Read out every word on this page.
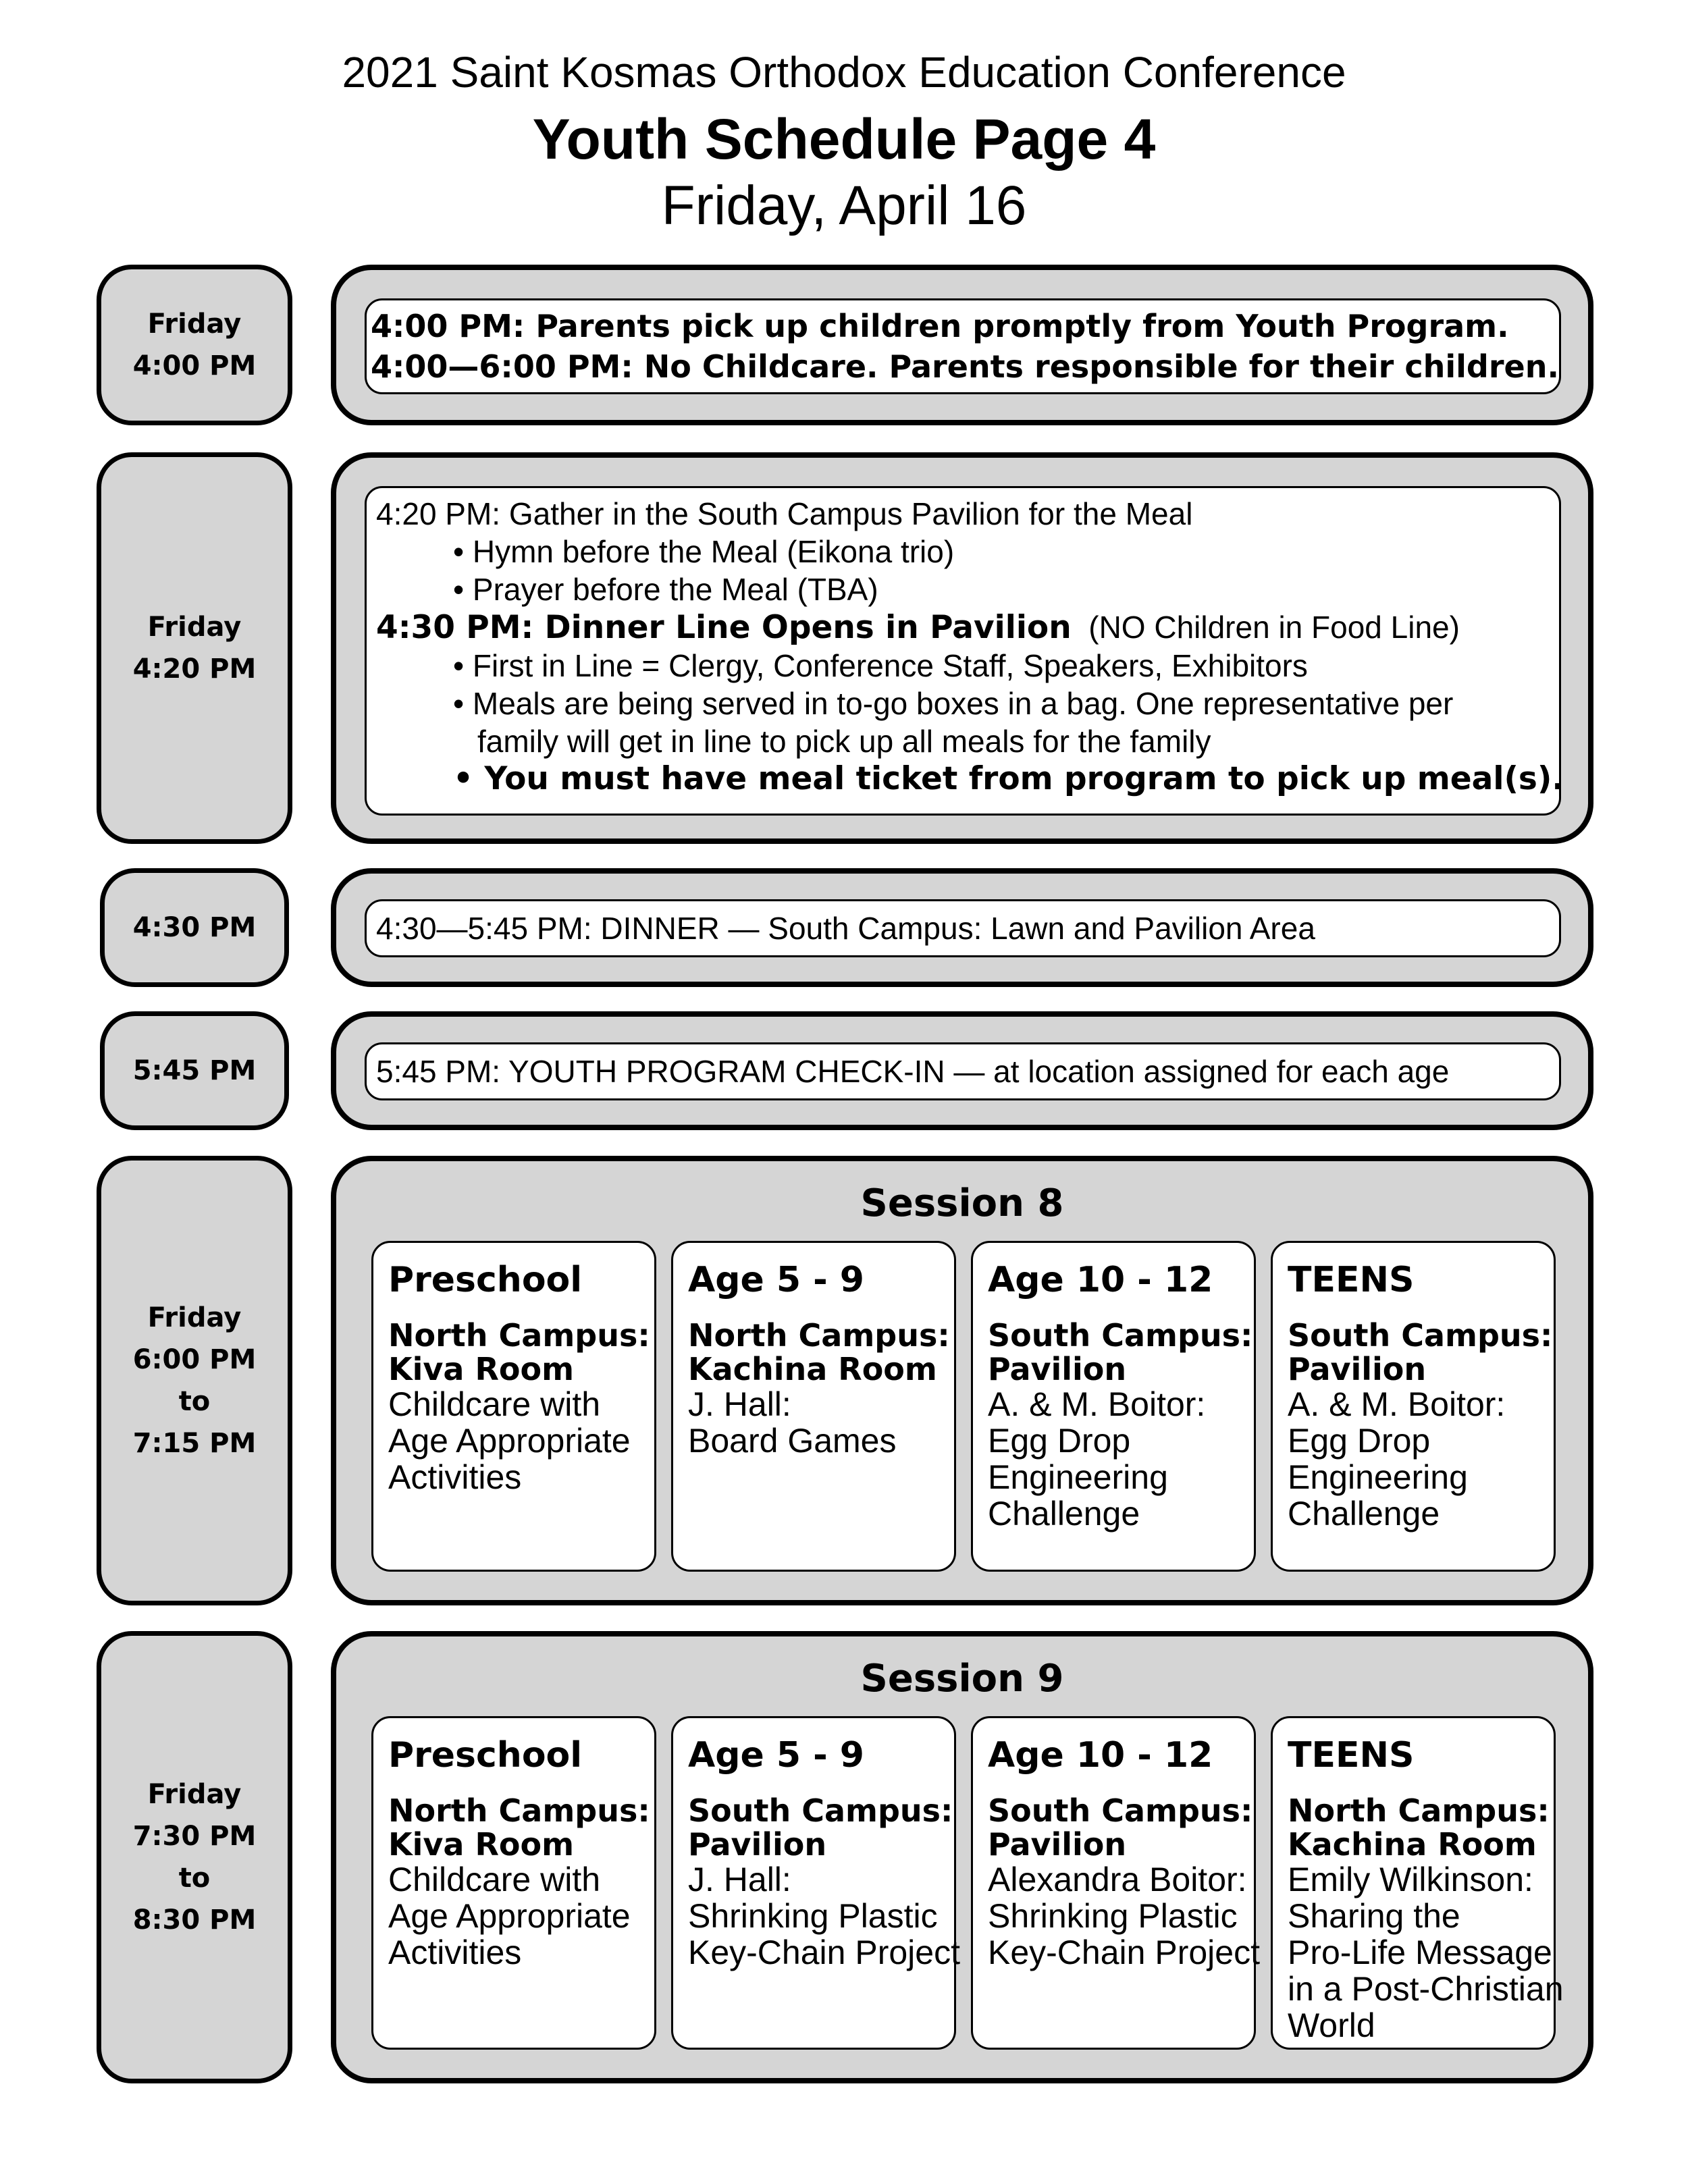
2021 Saint Kosmas Orthodox Education Conference
Youth Schedule Page 4
Friday, April 16
Friday
4:00 PM
4:00 PM: Parents pick up children promptly from Youth Program.
4:00—6:00 PM: No Childcare. Parents responsible for their children.
Friday
4:20 PM
4:20 PM: Gather in the South Campus Pavilion for the Meal
• Hymn before the Meal (Eikona trio)
• Prayer before the Meal (TBA)
4:30 PM: Dinner Line Opens in Pavilion (NO Children in Food Line)
• First in Line = Clergy, Conference Staff, Speakers, Exhibitors
• Meals are being served in to-go boxes in a bag. One representative per
family will get in line to pick up all meals for the family
• You must have meal ticket from program to pick up meal(s).
4:30 PM	4:30—5:45 PM: DINNER — South Campus: Lawn and Pavilion Area
5:45 PM	5:45 PM: YOUTH PROGRAM CHECK-IN — at location assigned for each age
Friday
6:00 PM
to
7:15 PM
Session 8
Preschool
North Campus:
Kiva Room
Childcare with
Age Appropriate
Activities
Age 5 - 9
North Campus:
Kachina Room
J. Hall:
Board Games
Age 10 - 12
South Campus:
Pavilion
A. & M. Boitor:
Egg Drop
Engineering
Challenge
TEENS
South Campus:
Pavilion
A. & M. Boitor:
Egg Drop
Engineering
Challenge
Friday
7:30 PM
to
8:30 PM
Session 9
Preschool
North Campus:
Kiva Room
Childcare with
Age Appropriate
Activities
Age 5 - 9
South Campus:
Pavilion
J. Hall:
Shrinking Plastic
Key-Chain Project
Age 10 - 12
South Campus:
Pavilion
Alexandra Boitor:
Shrinking Plastic
Key-Chain Project
TEENS
North Campus:
Kachina Room
Emily Wilkinson:
Sharing the
Pro-Life Message
in a Post-Christian
World
